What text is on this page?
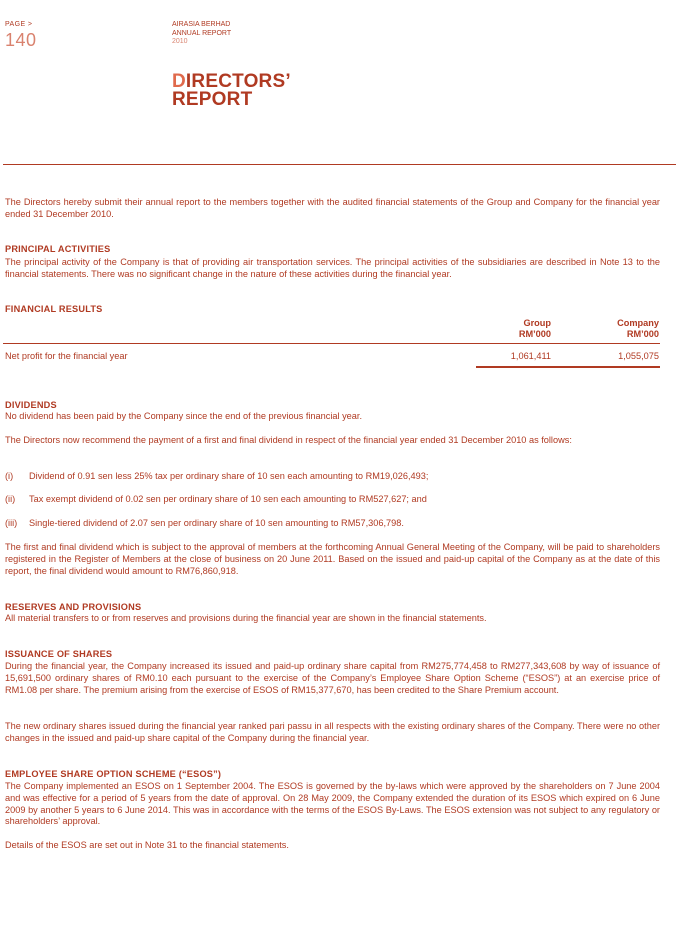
PAGE >
140
AIRASIA BERHAD
ANNUAL REPORT
2010
DIRECTORS’
REPORT
The Directors hereby submit their annual report to the members together with the audited financial statements of the Group and Company for the financial year ended 31 December 2010.
PRINCIPAL ACTIVITIES
The principal activity of the Company is that of providing air transportation services. The principal activities of the subsidiaries are described in Note 13 to the financial statements. There was no significant change in the nature of these activities during the financial year.
FINANCIAL RESULTS
Group
RM’000
Company
RM’000
Net profit for the financial year	1,061,411	1,055,075
DIVIDENDS
No dividend has been paid by the Company since the end of the previous financial year.
The Directors now recommend the payment of a first and final dividend in respect of the financial year ended 31 December 2010 as follows:
(i) Dividend of 0.91 sen less 25% tax per ordinary share of 10 sen each amounting to RM19,026,493;
(ii) Tax exempt dividend of 0.02 sen per ordinary share of 10 sen each amounting to RM527,627; and
(iii) Single-tiered dividend of 2.07 sen per ordinary share of 10 sen amounting to RM57,306,798.
The first and final dividend which is subject to the approval of members at the forthcoming Annual General Meeting of the Company, will be paid to shareholders registered in the Register of Members at the close of business on 20 June 2011. Based on the issued and paid-up capital of the Company as at the date of this report, the final dividend would amount to RM76,860,918.
RESERVES AND PROVISIONS
All material transfers to or from reserves and provisions during the financial year are shown in the financial statements.
ISSUANCE OF SHARES
During the financial year, the Company increased its issued and paid-up ordinary share capital from RM275,774,458 to RM277,343,608 by way of issuance of 15,691,500 ordinary shares of RM0.10 each pursuant to the exercise of the Company’s Employee Share Option Scheme (“ESOS”) at an exercise price of RM1.08 per share. The premium arising from the exercise of ESOS of RM15,377,670, has been credited to the Share Premium account.
The new ordinary shares issued during the financial year ranked pari passu in all respects with the existing ordinary shares of the Company. There were no other changes in the issued and paid-up share capital of the Company during the financial year.
EMPLOYEE SHARE OPTION SCHEME (“ESOS”)
The Company implemented an ESOS on 1 September 2004. The ESOS is governed by the by-laws which were approved by the shareholders on 7 June 2004 and was effective for a period of 5 years from the date of approval. On 28 May 2009, the Company extended the duration of its ESOS which expired on 6 June 2009 by another 5 years to 6 June 2014. This was in accordance with the terms of the ESOS By-Laws. The ESOS extension was not subject to any regulatory or shareholders’ approval.
Details of the ESOS are set out in Note 31 to the financial statements.
